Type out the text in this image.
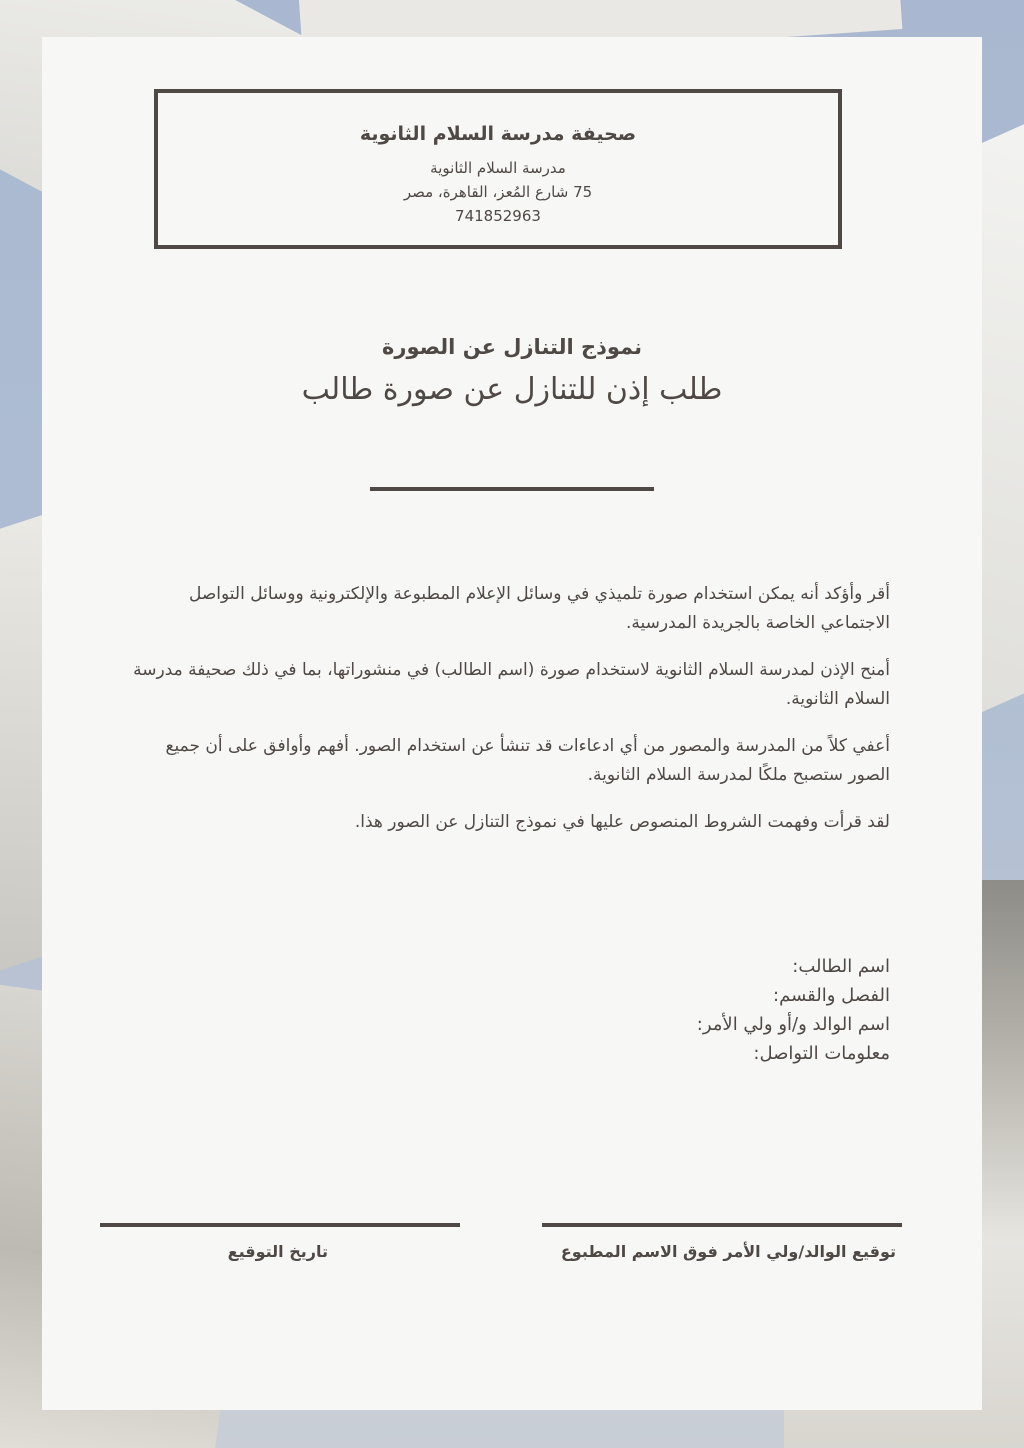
صحيفة مدرسة السلام الثانوية
مدرسة السلام الثانوية
75 شارع المُعز، القاهرة، مصر
741852963
نموذج التنازل عن الصورة
طلب إذن للتنازل عن صورة طالب

أقر وأؤكد أنه يمكن استخدام صورة تلميذي في وسائل الإعلام المطبوعة والإلكترونية ووسائل التواصل الاجتماعي الخاصة بالجريدة المدرسية.

أمنح الإذن لمدرسة السلام الثانوية لاستخدام صورة (اسم الطالب) في منشوراتها، بما في ذلك صحيفة مدرسة السلام الثانوية.

أعفي كلاً من المدرسة والمصور من أي ادعاءات قد تنشأ عن استخدام الصور. أفهم وأوافق على أن جميع الصور ستصبح ملكًا لمدرسة السلام الثانوية.

لقد قرأت وفهمت الشروط المنصوص عليها في نموذج التنازل عن الصور هذا.

اسم الطالب:
الفصل والقسم:
اسم الوالد و/أو ولي الأمر:
معلومات التواصل:
توقيع الوالد/ولي الأمر فوق الاسم المطبوع
تاريخ التوقيع
